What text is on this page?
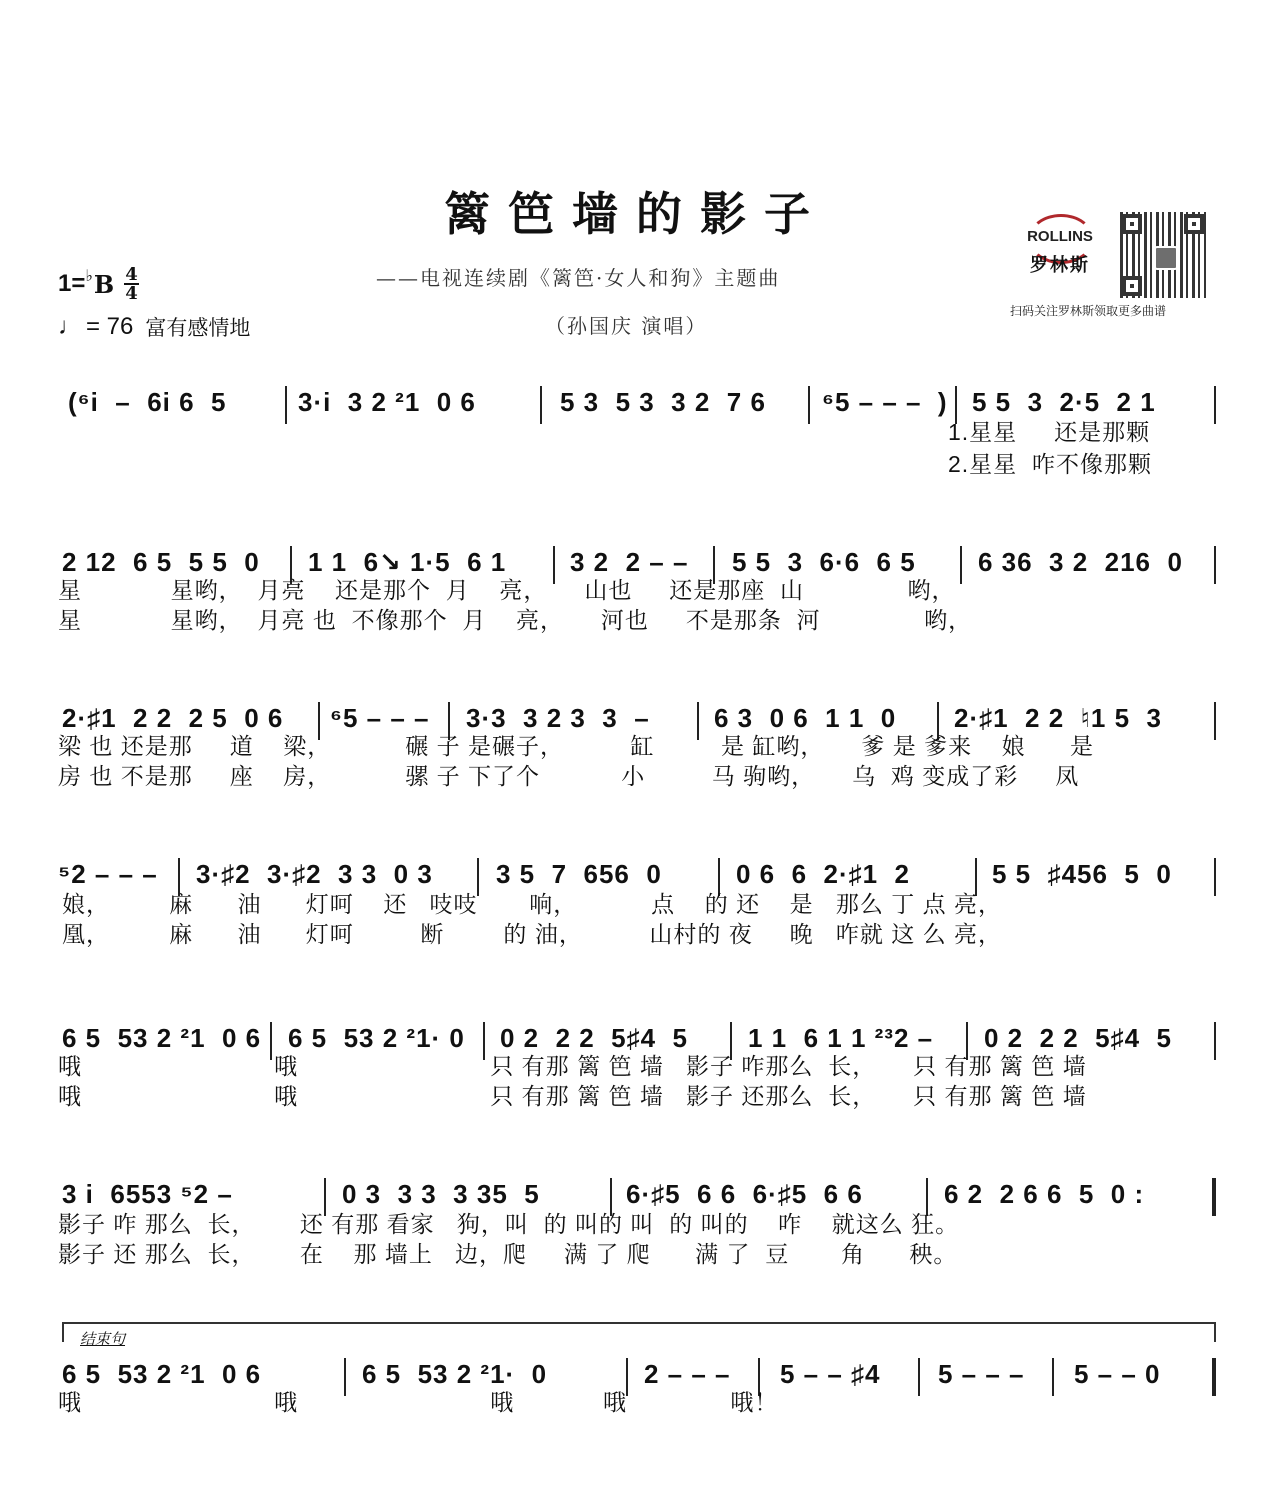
篱笆墙的影子
——电视连续剧《篱笆·女人和狗》主题曲
（孙国庆 演唱）
1= ♭ B $\frac{4}{4}$
♩ = 76 富有感情地
ROLLINS
罗林斯
扫码关注罗林斯领取更多曲谱
(⁶i  –  6i 6  5	3·i  3 2 ²1  0 6	5 3  5 3  3 2  7 6 ⁶5 – – –  ) 5 5  3  2·5  2 1
1.星星     还是那颗
2.星星  咋不像那颗
2 12  6 5  5 5  0 1 1  6↘ 1·5  6 1 3 2  2 – – 5 5  3  6·6  6 5 6 36  3 2  216  0
星            星哟，  月亮    还是那个  月    亮，     山也     还是那座  山              哟，
星            星哟，  月亮 也  不像那个  月    亮，     河也     不是那条  河              哟，
2·♯1  2 2  2 5  0 6 ⁶5 – – – 3·3  3 2 3  3  – 6 3  0 6  1 1  0 2·♯1  2 2  ♮1 5  3
梁 也 还是那     道    梁，          碾 子 是碾子，         缸         是 缸哟，     爹 是 爹来    娘      是
房 也 不是那     座    房，          骡 子 下了个           小         马 驹哟，     乌  鸡 变成了彩     凤
⁵2 – – – 3·♯2  3·♯2  3 3  0 3 3 5  7  656  0	0 6  6  2·♯1  2	5 5  ♯456  5  0
娘，        麻      油      灯呵    还   吱吱       响，          点    的 还    是   那么 丁 点 亮，
凰，        麻      油      灯呵         断        的 油，         山村的 夜     晚   咋就 这 么 亮，
6 5  53 2 ²1  0 6 6 5  53 2 ²1· 0 0 2  2 2  5♯4  5 1 1  6 1 1 ²³2 – 0 2  2 2  5♯4  5
哦                          哦                          只 有那 篱 笆 墙   影子 咋那么  长，     只 有那 篱 笆 墙
哦                          哦                          只 有那 篱 笆 墙   影子 还那么  长，     只 有那 篱 笆 墙
3 i  6553 ⁵2 –	0 3  3 3  3 35  5	6·♯5  6 6  6·♯5  6 6	6 2  2 6 6  5  0 :
影子 咋 那么  长，      还 有那 看家   狗，叫  的 叫的 叫  的 叫的    咋    就这么 狂。
影子 还 那么  长，      在    那 墙上   边，爬     满 了 爬      满 了  豆       角      秧。
6 5  53 2 ²1  0 6	6 5  53 2 ²1·  0	2 – – – 5 – – ♯4 5 – – – 5 – – 0
哦                          哦                          哦            哦              哦！
结束句
